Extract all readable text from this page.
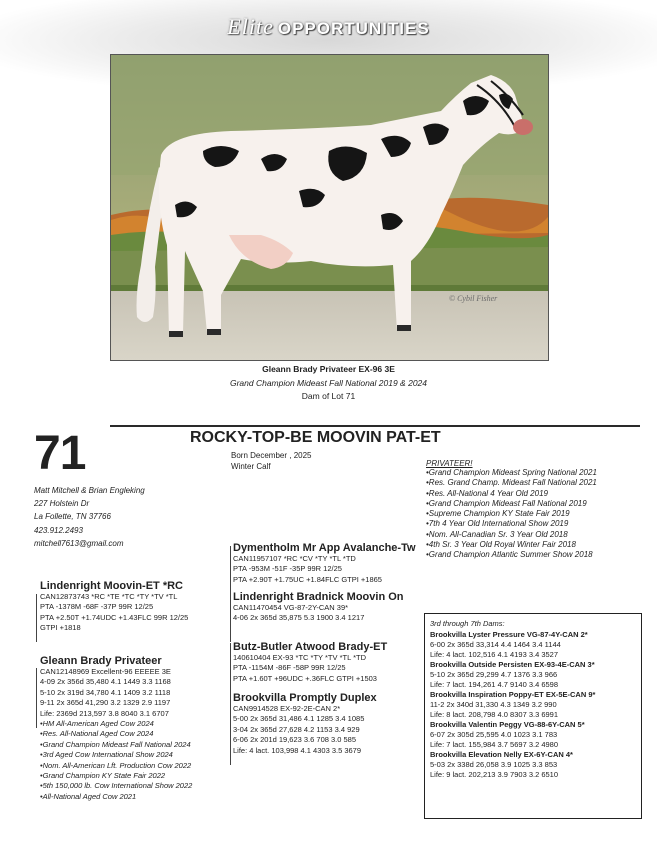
Elite OPPORTUNITIES
© Cybil Fisher
Gleann Brady Privateer EX-96 3E
Grand Champion Mideast Fall National 2019 & 2024
Dam of Lot 71
71	ROCKY-TOP-BE MOOVIN PAT-ET
Born December , 2025
Winter Calf
Matt Mitchell & Brian Engleking
227 Holstein Dr
La Follette, TN 37766
423.912.2493
mitchell7613@gmail.com
PRIVATEER!
•Grand Champion Mideast Spring National 2021
•Res. Grand Champ. Mideast Fall National 2021
•Res. All-National 4 Year Old 2019
•Grand Champion Mideast Fall National 2019
•Supreme Champion KY State Fair 2019
•7th 4 Year Old International Show 2019
•Nom. All-Canadian Sr. 3 Year Old 2018
•4th Sr. 3 Year Old Royal Winter Fair 2018
•Grand Champion Atlantic Summer Show 2018
Dymentholm Mr App Avalanche-Tw
CAN11957107 *RC *CV *TY *TL *TD
PTA -953M -51F -35P 99R 12/25
PTA +2.90T +1.75UC +1.84FLC GTPI +1865
Lindenright Moovin-ET *RC
CAN12873743 *RC *TE *TC *TY *TV *TL
PTA -1378M -68F -37P 99R 12/25
PTA +2.50T +1.74UDC +1.43FLC 99R 12/25
GTPI +1818
Lindenright Bradnick Moovin On
CAN11470454 VG-87-2Y-CAN 39*
4-06 2x 365d 35,875 5.3 1900 3.4 1217
Butz-Butler Atwood Brady-ET
140610404 EX-93 *TC *TY *TV *TL *TD
PTA -1154M -86F -58P 99R 12/25
PTA +1.60T +96UDC +.36FLC GTPI +1503
Gleann Brady Privateer
CAN12148969 Excellent-96 EEEEE 3E
4-09 2x 356d 35,480 4.1 1449 3.3 1168
5-10 2x 319d 34,780 4.1 1409 3.2 1118
9-11 2x 365d 41,290 3.2 1329 2.9 1197
Life: 2369d 213,597 3.8 8040 3.1 6707
•HM All-American Aged Cow 2024
•Res. All-National Aged Cow 2024
•Grand Champion Mideast Fall National 2024
•3rd Aged Cow International Show 2024
•Nom. All-American Lft. Production Cow 2022
•Grand Champion KY State Fair 2022
•5th 150,000 lb. Cow International Show 2022
•All-National Aged Cow 2021
Brookvilla Promptly Duplex
CAN9914528 EX-92-2E-CAN 2*
5-00 2x 365d 31,486 4.1 1285 3.4 1085
3-04 2x 365d 27,628 4.2 1153 3.4 929
6-06 2x 201d 19,623 3.6 708 3.0 585
Life: 4 lact. 103,998 4.1 4303 3.5 3679
3rd through 7th Dams:
Brookvilla Lyster Pressure VG-87-4Y-CAN 2*
6-00 2x 365d 33,314 4.4 1464 3.4 1144
Life: 4 lact. 102,516 4.1 4193 3.4 3527
Brookvilla Outside Persisten EX-93-4E-CAN 3*
5-10 2x 365d 29,299 4.7 1376 3.3 966
Life: 7 lact. 194,261 4.7 9140 3.4 6598
Brookvilla Inspiration Poppy-ET EX-5E-CAN 9*
11-2 2x 340d 31,330 4.3 1349 3.2 990
Life: 8 lact. 208,798 4.0 8307 3.3 6991
Brookvilla Valentin Peggy VG-88-6Y-CAN 5*
6-07 2x 305d 25,595 4.0 1023 3.1 783
Life: 7 lact. 155,984 3.7 5697 3.2 4980
Brookvilla Elevation Nelly EX-6Y-CAN 4*
5-03 2x 338d 26,058 3.9 1025 3.3 853
Life: 9 lact. 202,213 3.9 7903 3.2 6510
